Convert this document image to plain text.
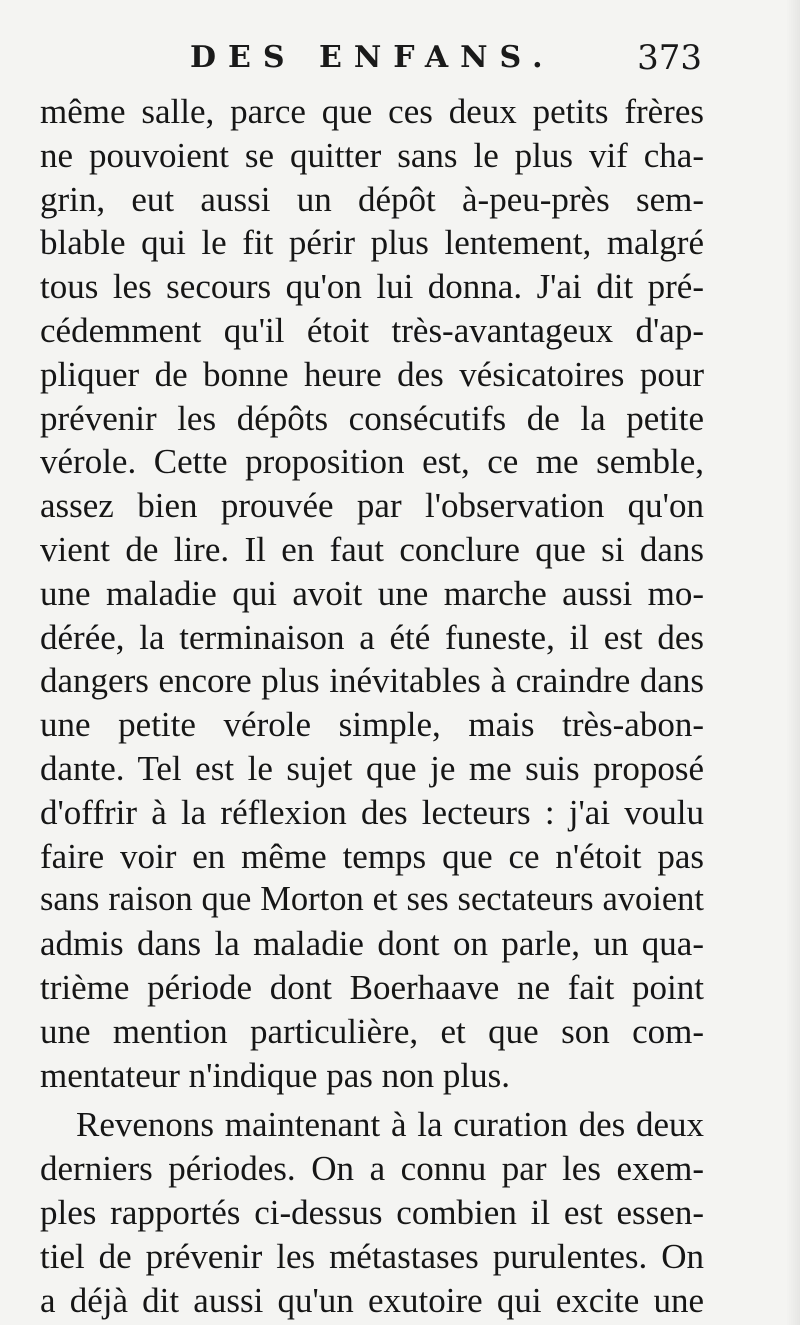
DES ENFANS. 373
même salle, parce que ces deux petits frères
ne pouvoient se quitter sans le plus vif cha-
grin, eut aussi un dépôt à-peu-près sem-
blable qui le fit périr plus lentement, malgré
tous les secours qu'on lui donna. J'ai dit pré-
cédemment qu'il étoit très-avantageux d'ap-
pliquer de bonne heure des vésicatoires pour
prévenir les dépôts consécutifs de la petite
vérole. Cette proposition est, ce me semble,
assez bien prouvée par l'observation qu'on
vient de lire. Il en faut conclure que si dans
une maladie qui avoit une marche aussi mo-
dérée, la terminaison a été funeste, il est des
dangers encore plus inévitables à craindre dans
une petite vérole simple, mais très-abon-
dante. Tel est le sujet que je me suis proposé
d'offrir à la réflexion des lecteurs : j'ai voulu
faire voir en même temps que ce n'étoit pas
sans raison que Morton et ses sectateurs avoient
admis dans la maladie dont on parle, un qua-
trième période dont Boerhaave ne fait point
une mention particulière, et que son com-
mentateur n'indique pas non plus.
Revenons maintenant à la curation des deux
derniers périodes. On a connu par les exem-
ples rapportés ci-dessus combien il est essen-
tiel de prévenir les métastases purulentes. On
a déjà dit aussi qu'un exutoire qui excite une
